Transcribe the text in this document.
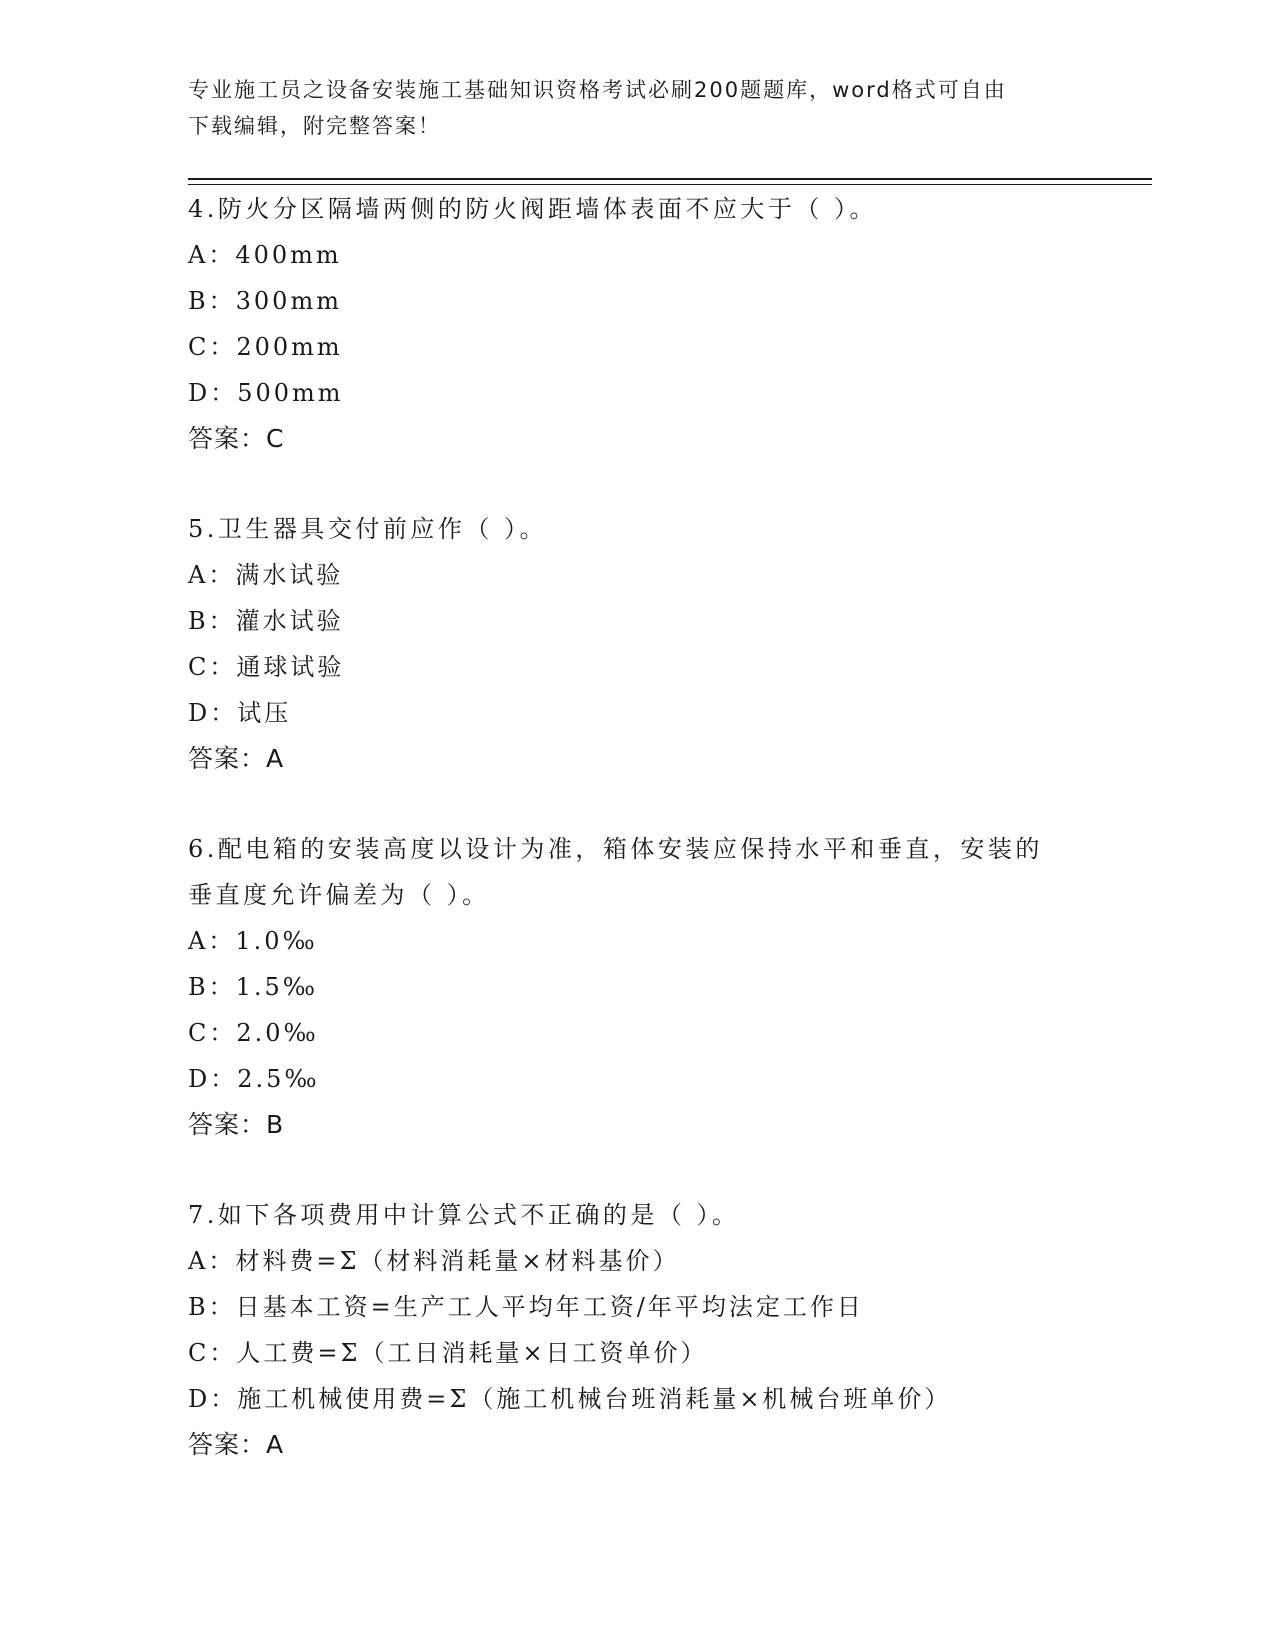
专业施工员之设备安装施工基础知识资格考试必刷200题题库，word格式可自由
下载编辑，附完整答案！
4.防火分区隔墙两侧的防火阀距墙体表面不应大于（ ）。
A：400mm
B：300mm
C：200mm
D：500mm
答案：C
5.卫生器具交付前应作（ ）。
A：满水试验
B：灌水试验
C：通球试验
D：试压
答案：A
6.配电箱的安装高度以设计为准，箱体安装应保持水平和垂直，安装的垂直度允许偏差为（ ）。
A：1.0‰
B：1.5‰
C：2.0‰
D：2.5‰
答案：B
7.如下各项费用中计算公式不正确的是（ ）。
A：材料费=Σ（材料消耗量×材料基价）
B：日基本工资=生产工人平均年工资/年平均法定工作日
C：人工费=Σ（工日消耗量×日工资单价）
D：施工机械使用费=Σ（施工机械台班消耗量×机械台班单价）
答案：A
